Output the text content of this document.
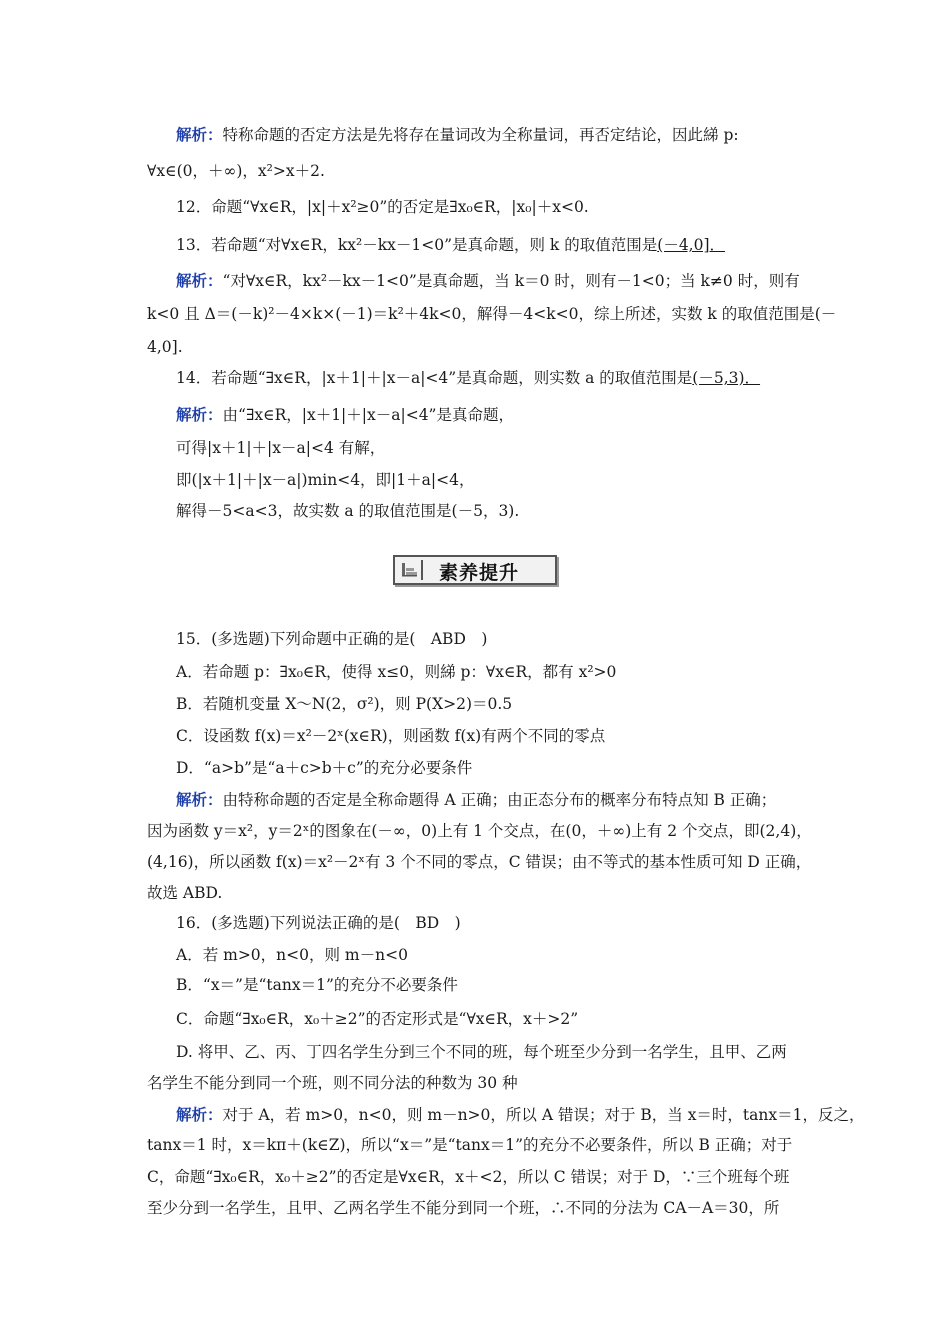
解析：特称命题的否定方法是先将存在量词改为全称量词，再否定结论，因此綈 p:
∀x∈(0，＋∞)，x²>x＋2.
12．命题“∀x∈R，|x|＋x²≥0”的否定是∃x₀∈R，|x₀|＋x<0.
13．若命题“对∀x∈R，kx²－kx－1<0”是真命题，则 k 的取值范围是(－4,0]．
解析：“对∀x∈R，kx²－kx－1<0”是真命题，当 k＝0 时，则有－1<0；当 k≠0 时，则有
k<0 且 Δ＝(－k)²－4×k×(－1)＝k²＋4k<0，解得－4<k<0，综上所述，实数 k 的取值范围是(－
4,0].
14．若命题“∃x∈R，|x＋1|＋|x－a|<4”是真命题，则实数 a 的取值范围是(－5,3)．
解析：由“∃x∈R，|x＋1|＋|x－a|<4”是真命题，
可得|x＋1|＋|x－a|<4 有解，
即(|x＋1|＋|x－a|)min<4，即|1＋a|<4，
解得－5<a<3，故实数 a 的取值范围是(－5，3).
素养提升
15．(多选题)下列命题中正确的是(　ABD　)
A．若命题 p：∃x₀∈R，使得 x≤0，则綈 p：∀x∈R，都有 x²>0
B．若随机变量 X～N(2，σ²)，则 P(X>2)＝0.5
C．设函数 f(x)＝x²－2ˣ(x∈R)，则函数 f(x)有两个不同的零点
D．“a>b”是“a＋c>b＋c”的充分必要条件
解析：由特称命题的否定是全称命题得 A 正确；由正态分布的概率分布特点知 B 正确；
因为函数 y＝x²，y＝2ˣ的图象在(－∞，0)上有 1 个交点，在(0，＋∞)上有 2 个交点，即(2,4)，
(4,16)，所以函数 f(x)＝x²－2ˣ有 3 个不同的零点，C 错误；由不等式的基本性质可知 D 正确，
故选 ABD.
16．(多选题)下列说法正确的是(　BD　)
A．若 m>0，n<0，则 m－n<0
B．“x＝”是“tanx＝1”的充分不必要条件
C．命题“∃x₀∈R，x₀＋≥2”的否定形式是“∀x∈R，x＋>2”
D. 将甲、乙、丙、丁四名学生分到三个不同的班，每个班至少分到一名学生，且甲、乙两
名学生不能分到同一个班，则不同分法的种数为 30 种
解析：对于 A，若 m>0，n<0，则 m－n>0，所以 A 错误；对于 B，当 x＝时，tanx＝1，反之，
tanx＝1 时，x＝kπ＋(k∈Z)，所以“x＝”是“tanx＝1”的充分不必要条件，所以 B 正确；对于
C，命题“∃x₀∈R，x₀＋≥2”的否定是∀x∈R，x＋<2，所以 C 错误；对于 D，∵三个班每个班
至少分到一名学生，且甲、乙两名学生不能分到同一个班，∴不同的分法为 CA－A＝30，所
